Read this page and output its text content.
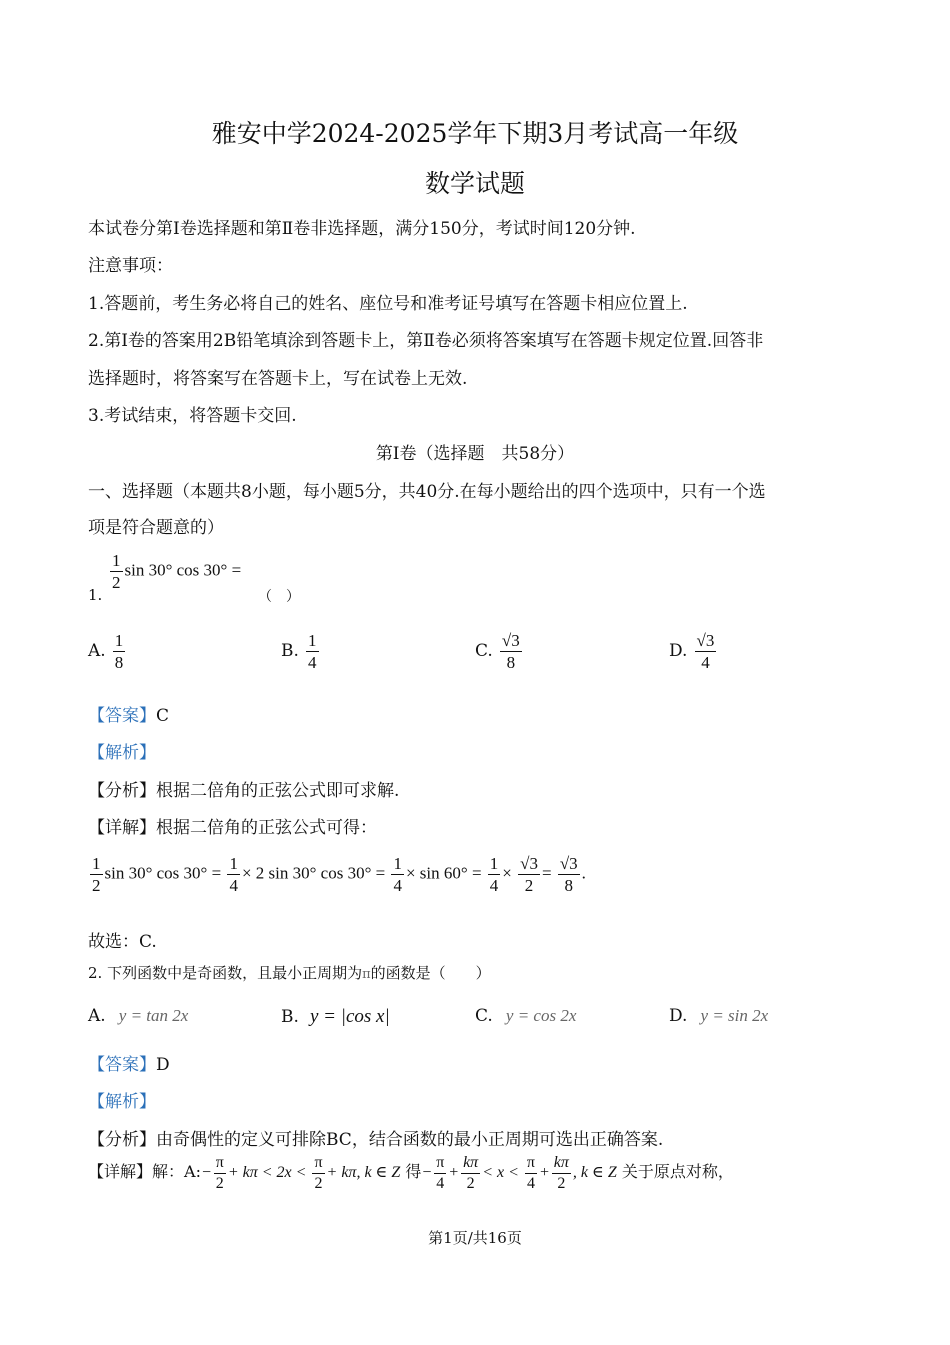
雅安中学2024-2025学年下期3月考试高一年级
数学试题
本试卷分第Ⅰ卷选择题和第Ⅱ卷非选择题，满分150分，考试时间120分钟.
注意事项：
1.答题前，考生务必将自己的姓名、座位号和准考证号填写在答题卡相应位置上.
2.第Ⅰ卷的答案用2B铅笔填涂到答题卡上，第Ⅱ卷必须将答案填写在答题卡规定位置.回答非
选择题时，将答案写在答题卡上，写在试卷上无效.
3.考试结束，将答题卡交回.
第Ⅰ卷（选择题　共58分）
一、选择题（本题共8小题，每小题5分，共40分.在每小题给出的四个选项中，只有一个选
项是符合题意的）
1.
$\frac{1}{2}$ sin 30° cos 30° =
（　）
A. $\frac{1}{8}$	B. $\frac{1}{4}$	C. $\frac{√3}{8}$	D. $\frac{√3}{4}$
【答案】C
【解析】
【分析】根据二倍角的正弦公式即可求解.
【详解】根据二倍角的正弦公式可得：
$\frac{1}{2}$ sin 30° $\cos 30^\circ = \frac{1}{4} \times 2$ sin 30° $\cos 30^\circ = \frac{1}{4} \times \sin 60^\circ = \frac{1}{4} \times \frac{√3}{2} = \frac{√3}{8}$ .
故选：C.
2. 下列函数中是奇函数，且最小正周期为π的函数是（　　）
A. y = tan 2x	B. y = |cos x|	C. y = cos 2x	D. y = sin 2x
【答案】D
【解析】
【分析】由奇偶性的定义可排除BC，结合函数的最小正周期可选出正确答案.
【详解】解：A:− $\frac{\pi}{2} + k\pi < 2x < \frac{\pi}{2} + k\pi$, k ∈ Z 得− $\frac{\pi}{4} + \frac{k\pi}{2} < x < \frac{\pi}{4} + \frac{k\pi}{2}$ , k ∈ Z 关于原点对称，
第1页/共16页
